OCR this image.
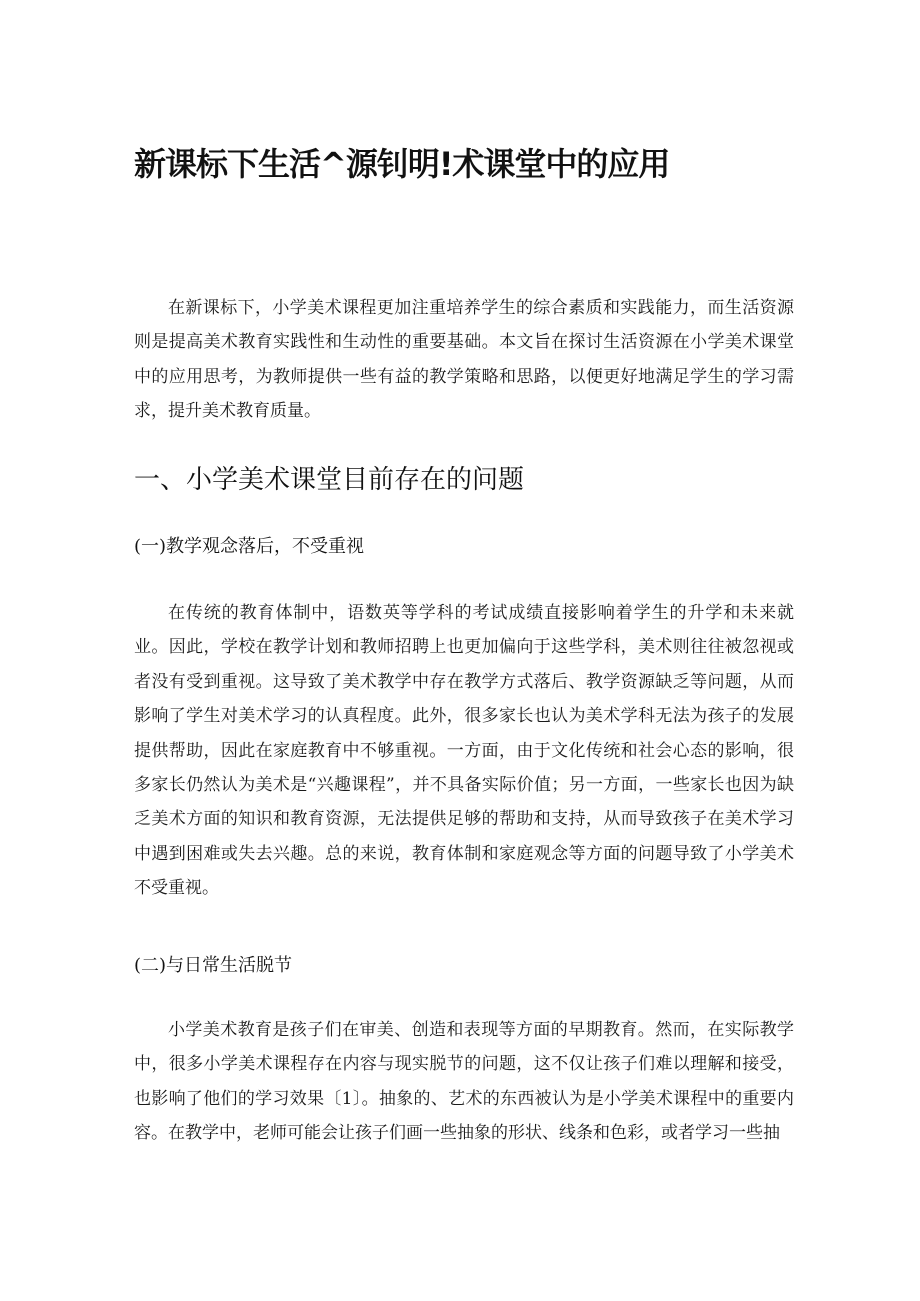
新课标下生活^源钊明!术课堂中的应用

在新课标下，小学美术课程更加注重培养学生的综合素质和实践能力，而生活资源则是提高美术教育实践性和生动性的重要基础。本文旨在探讨生活资源在小学美术课堂中的应用思考，为教师提供一些有益的教学策略和思路，以便更好地满足学生的学习需求，提升美术教育质量。

一、小学美术课堂目前存在的问题
(一)教学观念落后，不受重视

在传统的教育体制中，语数英等学科的考试成绩直接影响着学生的升学和未来就业。因此，学校在教学计划和教师招聘上也更加偏向于这些学科，美术则往往被忽视或者没有受到重视。这导致了美术教学中存在教学方式落后、教学资源缺乏等问题，从而影响了学生对美术学习的认真程度。此外，很多家长也认为美术学科无法为孩子的发展提供帮助，因此在家庭教育中不够重视。一方面，由于文化传统和社会心态的影响，很多家长仍然认为美术是“兴趣课程”，并不具备实际价值；另一方面，一些家长也因为缺乏美术方面的知识和教育资源，无法提供足够的帮助和支持，从而导致孩子在美术学习中遇到困难或失去兴趣。总的来说，教育体制和家庭观念等方面的问题导致了小学美术不受重视。

(二)与日常生活脱节

小学美术教育是孩子们在审美、创造和表现等方面的早期教育。然而，在实际教学中，很多小学美术课程存在内容与现实脱节的问题，这不仅让孩子们难以理解和接受，也影响了他们的学习效果〔1〕。抽象的、艺术的东西被认为是小学美术课程中的重要内容。在教学中，老师可能会让孩子们画一些抽象的形状、线条和色彩，或者学习一些抽
